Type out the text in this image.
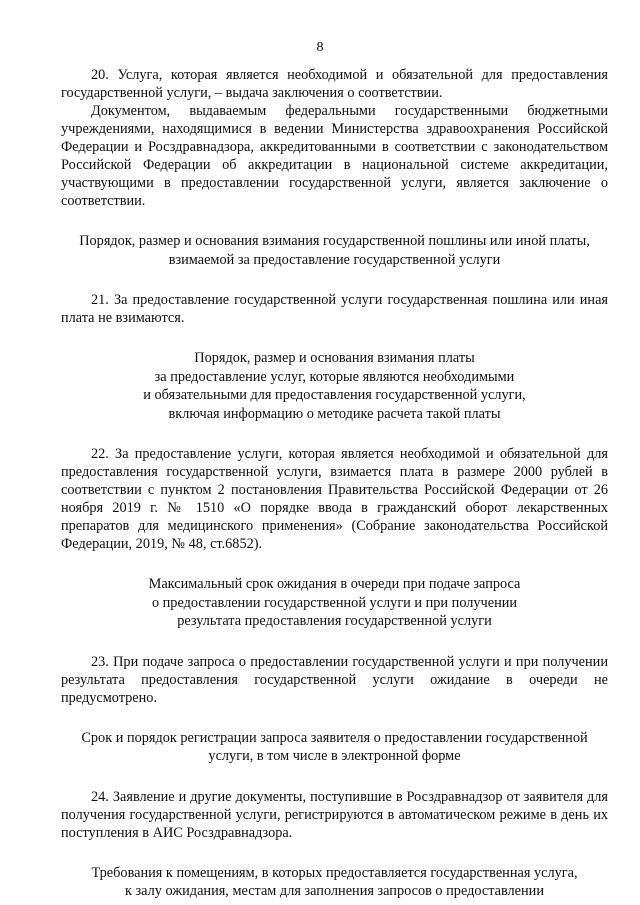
8

20. Услуга, которая является необходимой и обязательной для предоставления государственной услуги, – выдача заключения о соответствии.

Документом, выдаваемым федеральными государственными бюджетными учреждениями, находящимися в ведении Министерства здравоохранения Российской Федерации и Росздравнадзора, аккредитованными в соответствии с законодательством Российской Федерации об аккредитации в национальной системе аккредитации, участвующими в предоставлении государственной услуги, является заключение о соответствии.

Порядок, размер и основания взимания государственной пошлины или иной платы,
взимаемой за предоставление государственной услуги

21. За предоставление государственной услуги государственная пошлина или иная плата не взимаются.

Порядок, размер и основания взимания платы
за предоставление услуг, которые являются необходимыми
и обязательными для предоставления государственной услуги,
включая информацию о методике расчета такой платы

22. За предоставление услуги, которая является необходимой и обязательной для предоставления государственной услуги, взимается плата в размере 2000 рублей в соответствии с пунктом 2 постановления Правительства Российской Федерации от 26 ноября 2019 г. № 1510 «О порядке ввода в гражданский оборот лекарственных препаратов для медицинского применения» (Собрание законодательства Российской Федерации, 2019, № 48, ст.6852).

Максимальный срок ожидания в очереди при подаче запроса
о предоставлении государственной услуги и при получении
результата предоставления государственной услуги

23. При подаче запроса о предоставлении государственной услуги и при получении результата предоставления государственной услуги ожидание в очереди не предусмотрено.

Срок и порядок регистрации запроса заявителя о предоставлении государственной
услуги, в том числе в электронной форме

24. Заявление и другие документы, поступившие в Росздравнадзор от заявителя для получения государственной услуги, регистрируются в автоматическом режиме в день их поступления в АИС Росздравнадзора.

Требования к помещениям, в которых предоставляется государственная услуга,
к залу ожидания, местам для заполнения запросов о предоставлении
